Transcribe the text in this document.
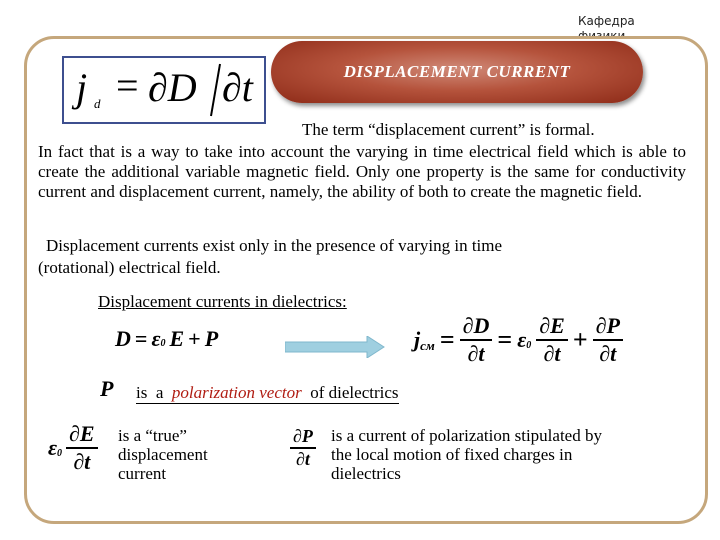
Кафедра
DISPLACEMENT CURRENT
j d = ∂D ∂t
The term “displacement current” is formal.
In fact that is a way to take into account the varying in time electrical field which is able to create the additional variable magnetic field. Only one property is the same for conductivity current and displacement current, namely, the ability of both to create the magnetic field.
Displacement currents exist only in the presence of varying in time
(rotational) electrical field.
Displacement currents in dielectrics:
$D = \varepsilon_0$ E + P	$j_{см} = \frac{\partial D}{\partial t} = \varepsilon_0 \frac{\partial E}{\partial t} + \frac{\partial P}{\partial t}$
P is  a  polarization vector  of dielectrics
$\varepsilon_0 \frac{\partial E}{\partial t}$ is a “true”
displacement
current
$\frac{\partial P}{\partial t}$ is a current of polarization stipulated by
the local motion of fixed charges in
dielectrics
